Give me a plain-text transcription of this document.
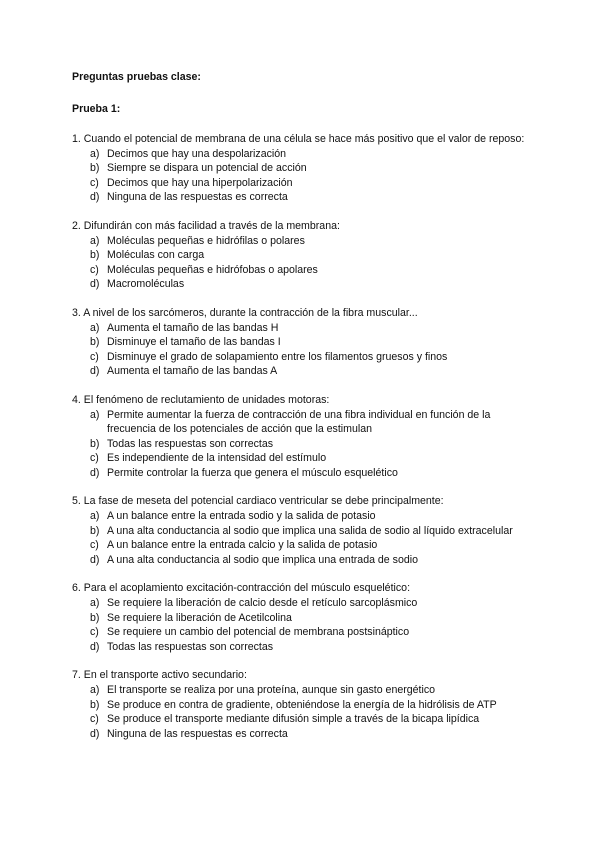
Preguntas pruebas clase:
Prueba 1:
1. Cuando el potencial de membrana de una célula se hace más positivo que el valor de reposo:
a) Decimos que hay una despolarización
b) Siempre se dispara un potencial de acción
c) Decimos que hay una hiperpolarización
d) Ninguna de las respuestas es correcta
2. Difundirán con más facilidad a través de la membrana:
a) Moléculas pequeñas e hidrófilas o polares
b) Moléculas con carga
c) Moléculas pequeñas e hidrófobas o apolares
d) Macromoléculas
3. A nivel de los sarcómeros, durante la contracción de la fibra muscular...
a) Aumenta el tamaño de las bandas H
b) Disminuye el tamaño de las bandas I
c) Disminuye el grado de solapamiento entre los filamentos gruesos y finos
d) Aumenta el tamaño de las bandas A
4. El fenómeno de reclutamiento de unidades motoras:
a) Permite aumentar la fuerza de contracción de una fibra individual en función de la frecuencia de los potenciales de acción que la estimulan
b) Todas las respuestas son correctas
c) Es independiente de la intensidad del estímulo
d) Permite controlar la fuerza que genera el músculo esquelético
5. La fase de meseta del potencial cardiaco ventricular se debe principalmente:
a) A un balance entre la entrada sodio y la salida de potasio
b) A una alta conductancia al sodio que implica una salida de sodio al líquido extracelular
c) A un balance entre la entrada calcio y la salida de potasio
d) A una alta conductancia al sodio que implica una entrada de sodio
6. Para el acoplamiento excitación-contracción del músculo esquelético:
a) Se requiere la liberación de calcio desde el retículo sarcoplásmico
b) Se requiere la liberación de Acetilcolina
c) Se requiere un cambio del potencial de membrana postsináptico
d) Todas las respuestas son correctas
7. En el transporte activo secundario:
a) El transporte se realiza por una proteína, aunque sin gasto energético
b) Se produce en contra de gradiente, obteniéndose la energía de la hidrólisis de ATP
c) Se produce el transporte mediante difusión simple a través de la bicapa lipídica
d) Ninguna de las respuestas es correcta
